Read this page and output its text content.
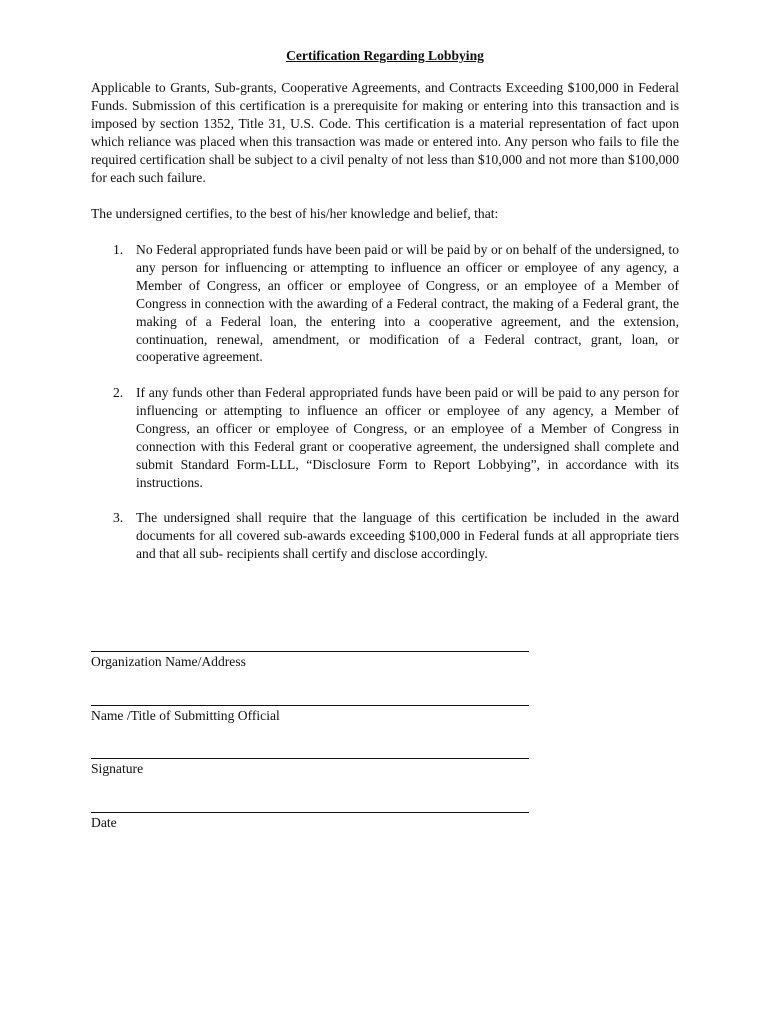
Certification Regarding Lobbying

Applicable to Grants, Sub-grants, Cooperative Agreements, and Contracts Exceeding $100,000 in Federal Funds. Submission of this certification is a prerequisite for making or entering into this transaction and is imposed by section 1352, Title 31, U.S. Code. This certification is a material representation of fact upon which reliance was placed when this transaction was made or entered into. Any person who fails to file the required certification shall be subject to a civil penalty of not less than $10,000 and not more than $100,000 for each such failure.

The undersigned certifies, to the best of his/her knowledge and belief, that:

1. No Federal appropriated funds have been paid or will be paid by or on behalf of the undersigned, to any person for influencing or attempting to influence an officer or employee of any agency, a Member of Congress, an officer or employee of Congress, or an employee of a Member of Congress in connection with the awarding of a Federal contract, the making of a Federal grant, the making of a Federal loan, the entering into a cooperative agreement, and the extension, continuation, renewal, amendment, or modification of a Federal contract, grant, loan, or cooperative agreement.

2. If any funds other than Federal appropriated funds have been paid or will be paid to any person for influencing or attempting to influence an officer or employee of any agency, a Member of Congress, an officer or employee of Congress, or an employee of a Member of Congress in connection with this Federal grant or cooperative agreement, the undersigned shall complete and submit Standard Form-LLL, “Disclosure Form to Report Lobbying”, in accordance with its instructions.

3. The undersigned shall require that the language of this certification be included in the award documents for all covered sub-awards exceeding $100,000 in Federal funds at all appropriate tiers and that all sub- recipients shall certify and disclose accordingly.

Organization Name/Address
Name /Title of Submitting Official
Signature
Date
